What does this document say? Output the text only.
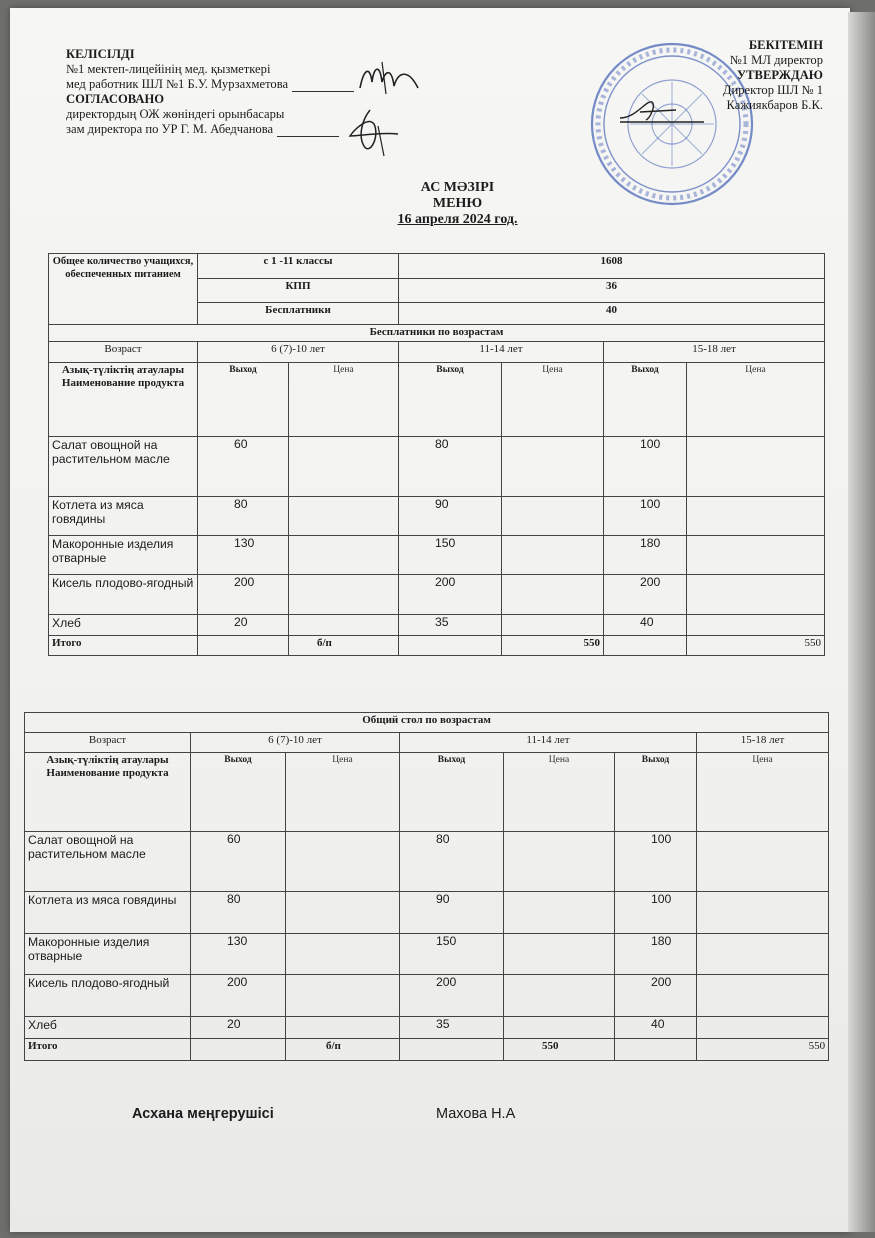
КЕЛІСІЛДІ
№1 мектеп-лицейінің мед. қызметкері
мед работник ШЛ №1 Б.У. Мурзахметова
СОГЛАСОВАНО
директордың ОЖ жөніндегі орынбасары
зам директора по УР Г. М. Абедчанова
БЕКІТЕМІН
№1 МЛ директор
УТВЕРЖДАЮ
Директор ШЛ № 1
Кажиякбаров Б.К.
АС МӘЗІРІ
МЕНЮ
16 апреля 2024 год.
Общее количество учащихся, обеспеченных питанием	с 1 -11 классы		1608			
	КПП		36			
	Бесплатники		40			
Бесплатники по возрастам						
Возраст	6 (7)-10 лет		11-14 лет		15-18 лет	
Азық-түліктің атаулары Наименование продукта	Выход	Цена	Выход	Цена	Выход	Цена
Салат овощной на растительном масле	60		80		100	
Котлета из мяса говядины	80		90		100	
Макоронные изделия отварные	130		150		180	
Кисель плодово-ягодный	200		200		200	
Хлеб	20		35		40	
Итого		б/п		550		550
Общий стол по возрастам						
Возраст	6 (7)-10 лет		11-14 лет			15-18 лет
Азық-түліктің атаулары Наименование продукта	Выход	Цена	Выход	Цена	Выход	Цена
Салат овощной на растительном масле	60		80		100	
Котлета из мяса говядины	80		90		100	
Макоронные изделия отварные	130		150		180	
Кисель плодово-ягодный	200		200		200	
Хлеб	20		35		40	
Итого		б/п		550		550
Асхана меңгерушісі	Махова Н.А
